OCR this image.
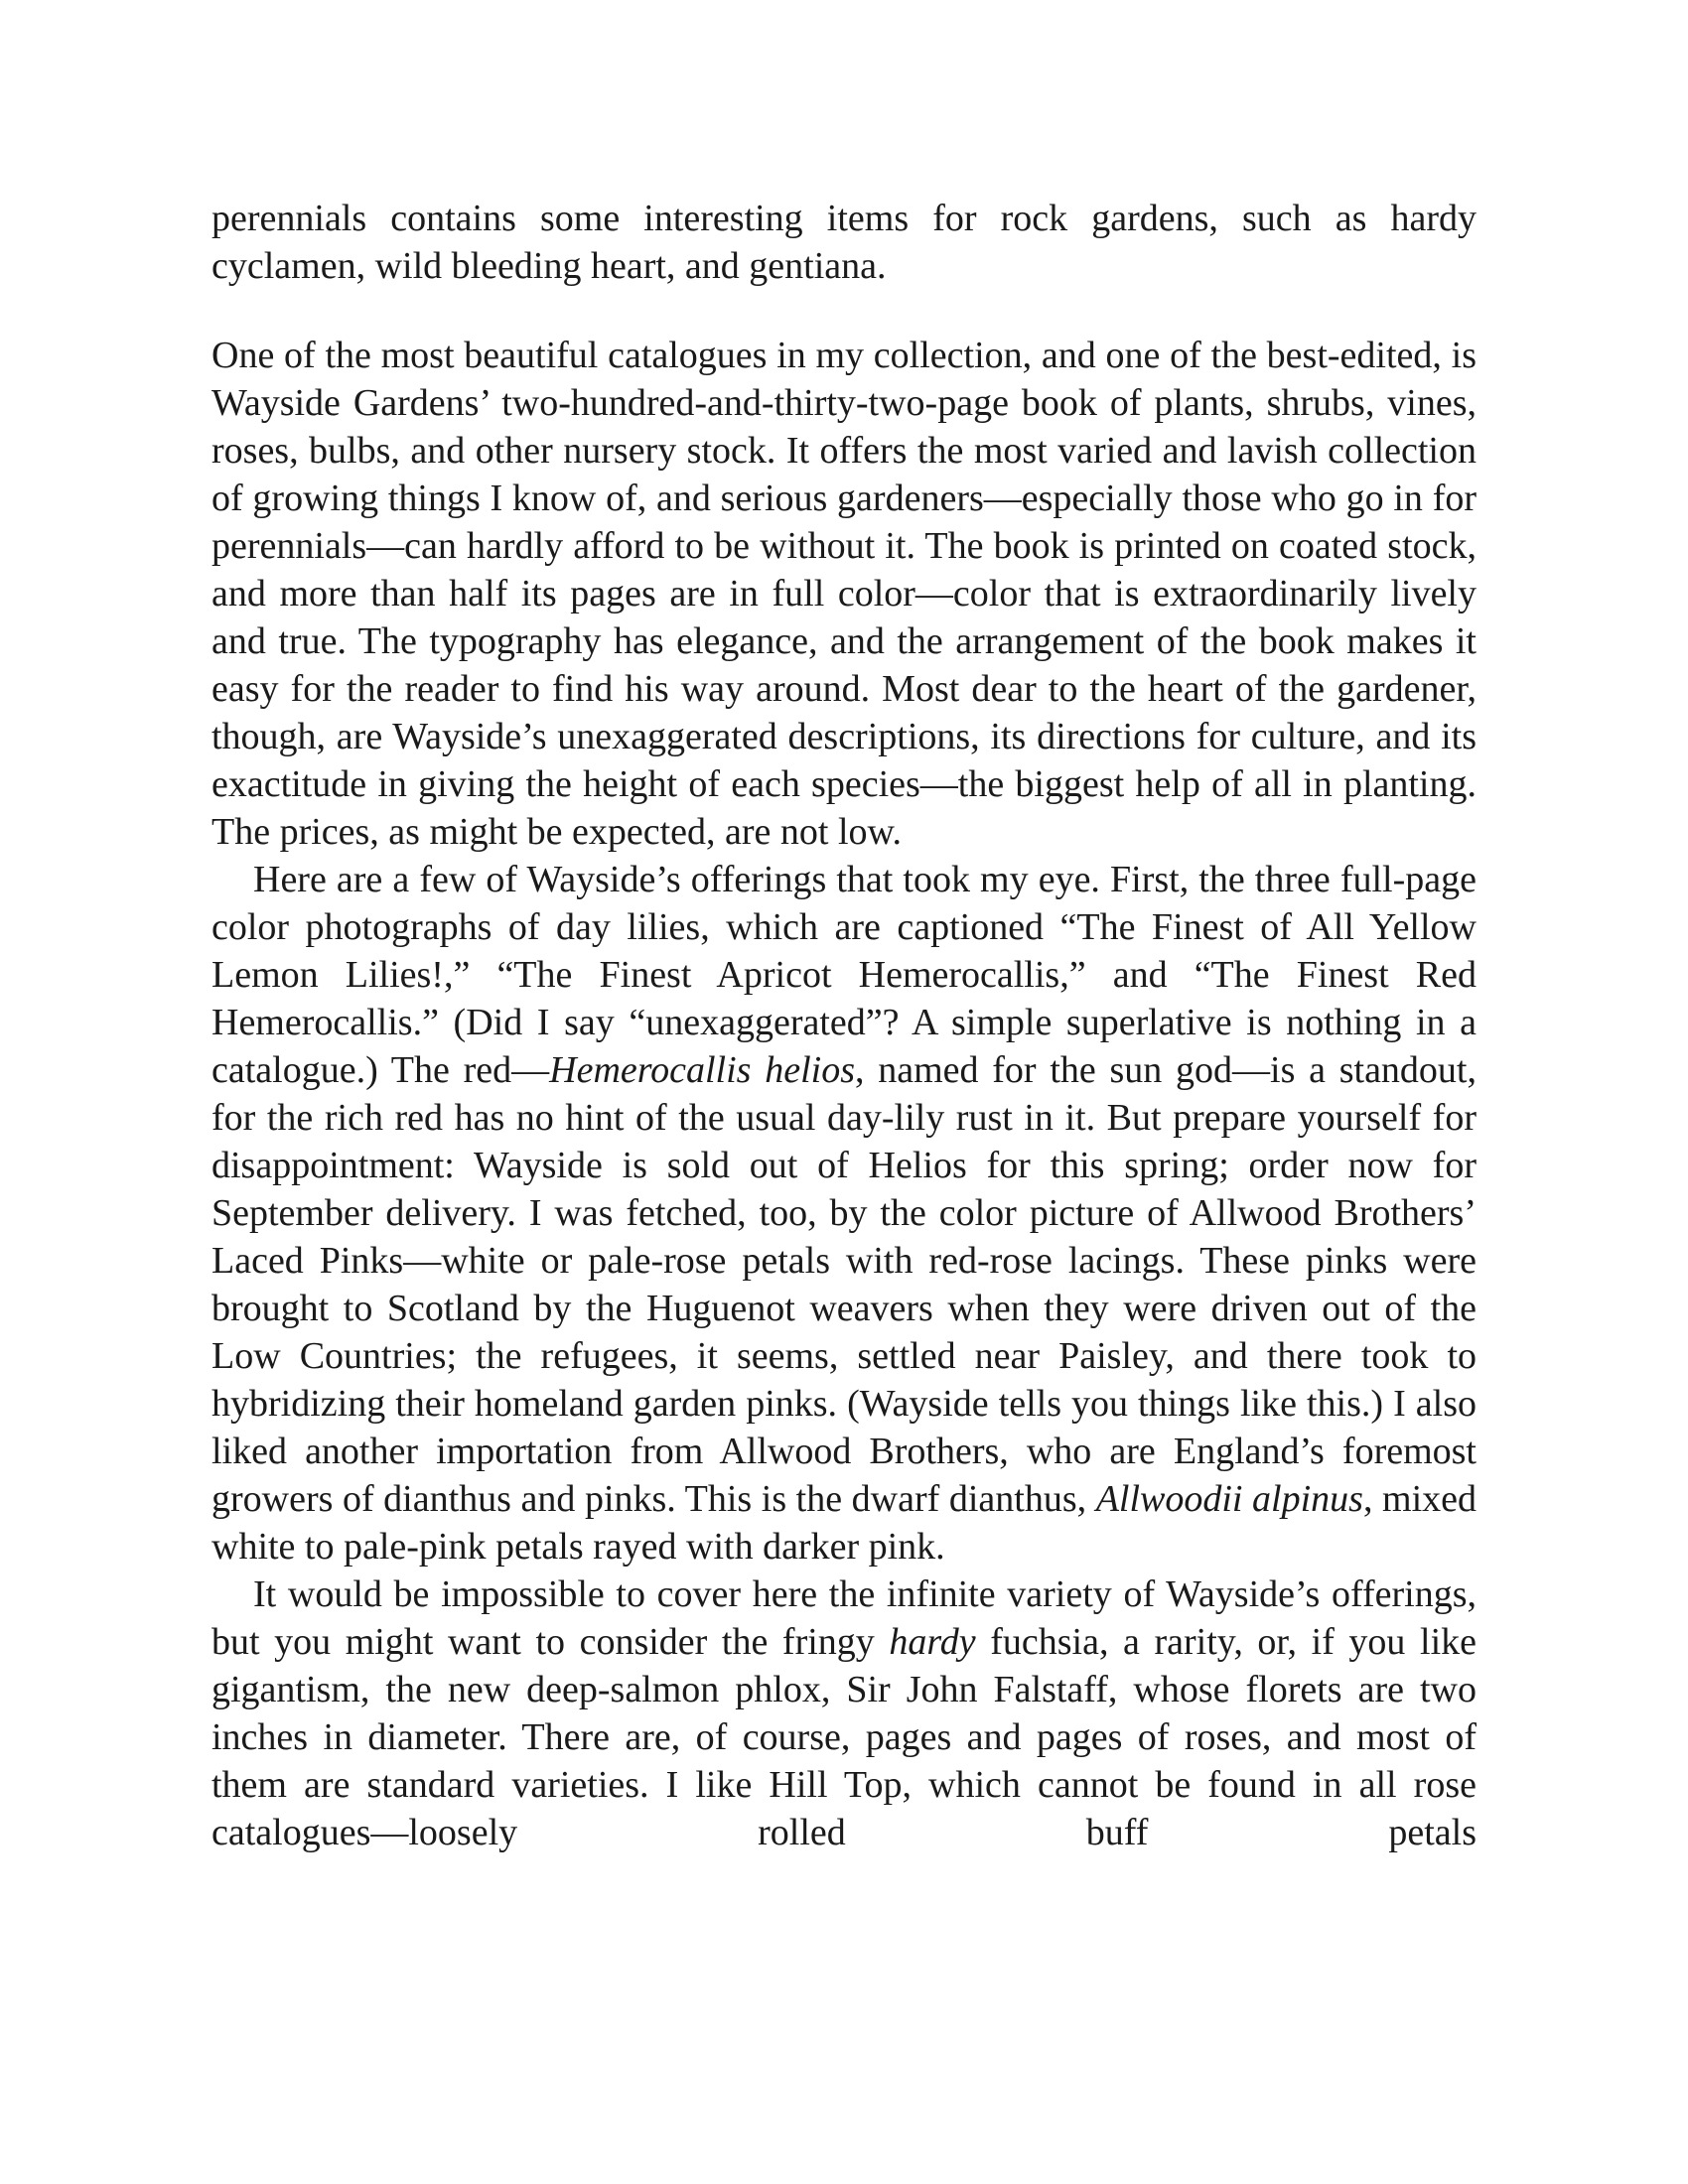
perennials contains some interesting items for rock gardens, such as hardy cyclamen, wild bleeding heart, and gentiana.

One of the most beautiful catalogues in my collection, and one of the best-edited, is Wayside Gardens’ two-hundred-and-thirty-two-page book of plants, shrubs, vines, roses, bulbs, and other nursery stock. It offers the most varied and lavish collection of growing things I know of, and serious gardeners—especially those who go in for perennials—can hardly afford to be without it. The book is printed on coated stock, and more than half its pages are in full color—color that is extraordinarily lively and true. The typography has elegance, and the arrangement of the book makes it easy for the reader to find his way around. Most dear to the heart of the gardener, though, are Wayside’s unexaggerated descriptions, its directions for culture, and its exactitude in giving the height of each species—the biggest help of all in planting. The prices, as might be expected, are not low.

Here are a few of Wayside’s offerings that took my eye. First, the three full-page color photographs of day lilies, which are captioned “The Finest of All Yellow Lemon Lilies!,” “The Finest Apricot Hemerocallis,” and “The Finest Red Hemerocallis.” (Did I say “unexaggerated”? A simple superlative is nothing in a catalogue.) The red—Hemerocallis helios, named for the sun god—is a standout, for the rich red has no hint of the usual day-lily rust in it. But prepare yourself for disappointment: Wayside is sold out of Helios for this spring; order now for September delivery. I was fetched, too, by the color picture of Allwood Brothers’ Laced Pinks—white or pale-rose petals with red-rose lacings. These pinks were brought to Scotland by the Huguenot weavers when they were driven out of the Low Countries; the refugees, it seems, settled near Paisley, and there took to hybridizing their homeland garden pinks. (Wayside tells you things like this.) I also liked another importation from Allwood Brothers, who are England’s foremost growers of dianthus and pinks. This is the dwarf dianthus, Allwoodii alpinus, mixed white to pale-pink petals rayed with darker pink.

It would be impossible to cover here the infinite variety of Wayside’s offerings, but you might want to consider the fringy hardy fuchsia, a rarity, or, if you like gigantism, the new deep-salmon phlox, Sir John Falstaff, whose florets are two inches in diameter. There are, of course, pages and pages of roses, and most of them are standard varieties. I like Hill Top, which cannot be found in all rose catalogues—loosely rolled buff petals
